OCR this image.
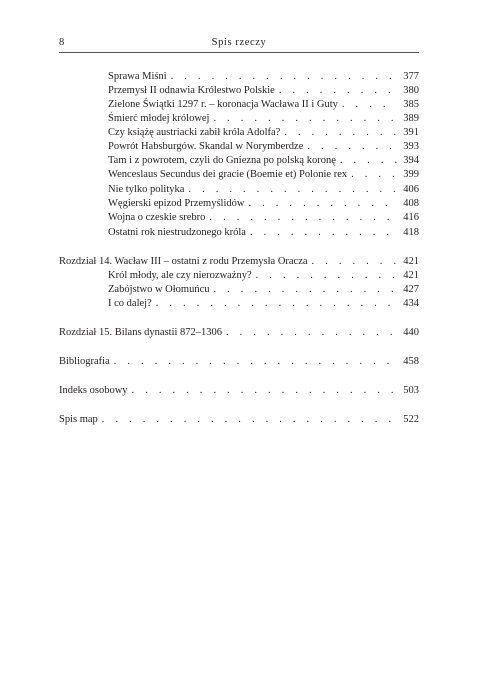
8	Spis rzeczy
Sprawa Miśni . . .	377
Przemysł II odnawia Królestwo Polskie . . .	380
Zielone Świątki 1297 r. – koronacja Wacława II i Guty . . .	385
Śmierć młodej królowej . . .	389
Czy książę austriacki zabił króla Adolfa? . . .	391
Powrót Habsburgów. Skandal w Norymberdze . . .	393
Tam i z powrotem, czyli do Gniezna po polską koronę . . .	394
Wenceslaus Secundus dei gracie (Boemie et) Polonie rex . . .	399
Nie tylko polityka . . .	406
Węgierski epizod Przemyślidów . . .	408
Wojna o czeskie srebro . . .	416
Ostatni rok niestrudzonego króla . . .	418
Rozdział 14. Wacław III – ostatni z rodu Przemysła Oracza . . .	421
Król młody, ale czy nierozważny? . . .	421
Zabójstwo w Ołomuńcu . . .	427
I co dalej? . . .	434
Rozdział 15. Bilans dynastii 872–1306 . . .	440
Bibliografia . . .	458
Indeks osobowy . . .	503
Spis map . . .	522
